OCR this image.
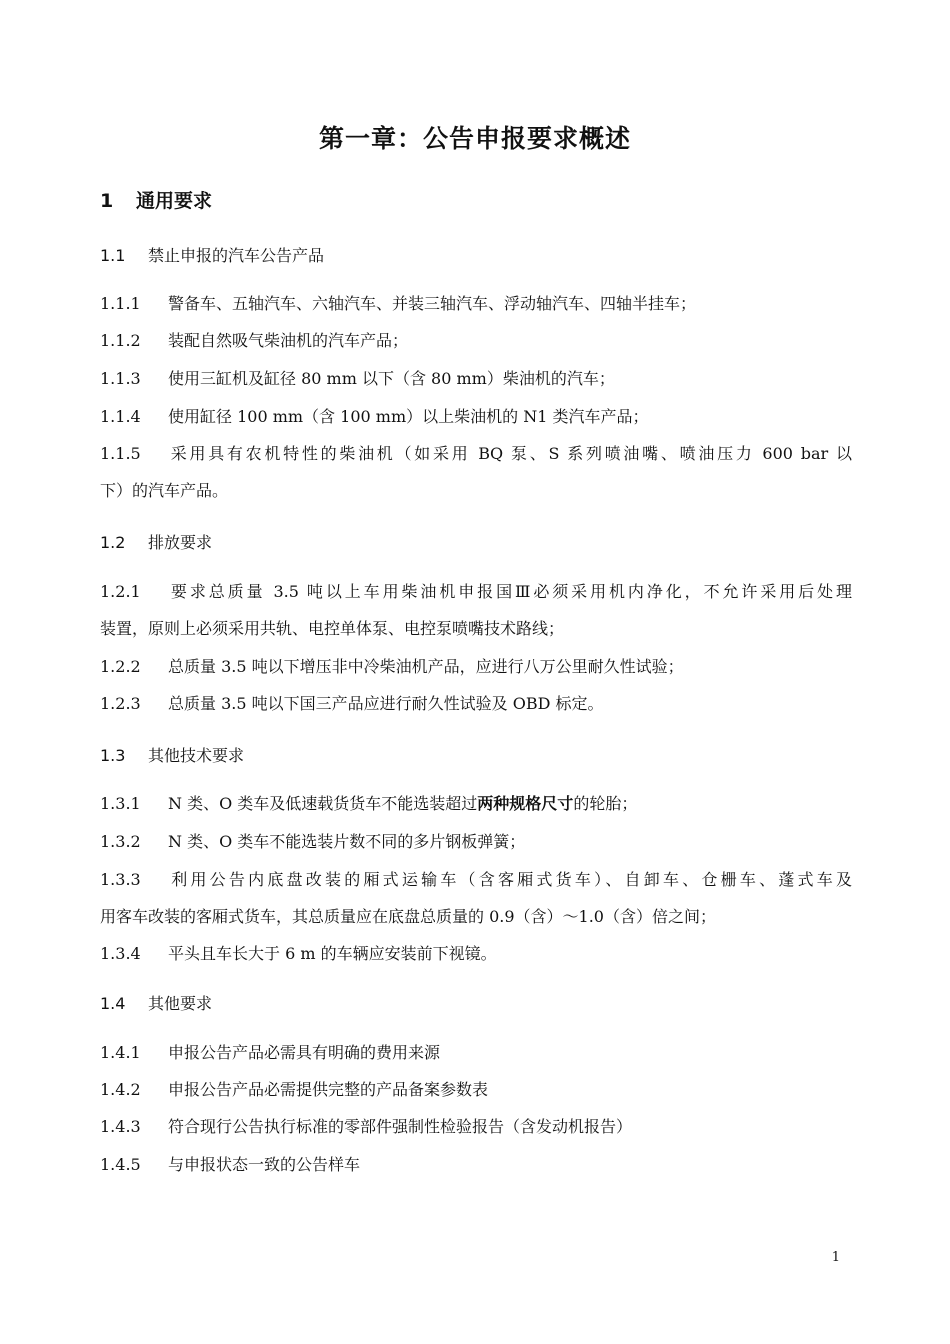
第一章：公告申报要求概述
1 通用要求
1.1 禁止申报的汽车公告产品
1.1.1 警备车、五轴汽车、六轴汽车、并装三轴汽车、浮动轴汽车、四轴半挂车；
1.1.2 装配自然吸气柴油机的汽车产品；
1.1.3 使用三缸机及缸径 80 mm 以下（含 80 mm）柴油机的汽车；
1.1.4 使用缸径 100 mm（含 100 mm）以上柴油机的 N1 类汽车产品；
1.1.5 采用具有农机特性的柴油机（如采用 BQ 泵、S 系列喷油嘴、喷油压力 600 bar 以
下）的汽车产品。
1.2 排放要求
1.2.1 要求总质量 3.5 吨以上车用柴油机申报国Ⅲ必须采用机内净化，不允许采用后处理
装置，原则上必须采用共轨、电控单体泵、电控泵喷嘴技术路线；
1.2.2 总质量 3.5 吨以下增压非中冷柴油机产品，应进行八万公里耐久性试验；
1.2.3 总质量 3.5 吨以下国三产品应进行耐久性试验及 OBD 标定。
1.3 其他技术要求
1.3.1 N 类、O 类车及低速载货货车不能选装超过两种规格尺寸的轮胎；
1.3.2 N 类、O 类车不能选装片数不同的多片钢板弹簧；
1.3.3 利用公告内底盘改装的厢式运输车（含客厢式货车）、自卸车、仓栅车、蓬式车及
用客车改装的客厢式货车，其总质量应在底盘总质量的 0.9（含）～1.0（含）倍之间；
1.3.4 平头且车长大于 6 m 的车辆应安装前下视镜。
1.4 其他要求
1.4.1 申报公告产品必需具有明确的费用来源
1.4.2 申报公告产品必需提供完整的产品备案参数表
1.4.3 符合现行公告执行标准的零部件强制性检验报告（含发动机报告）
1.4.5 与申报状态一致的公告样车
1
